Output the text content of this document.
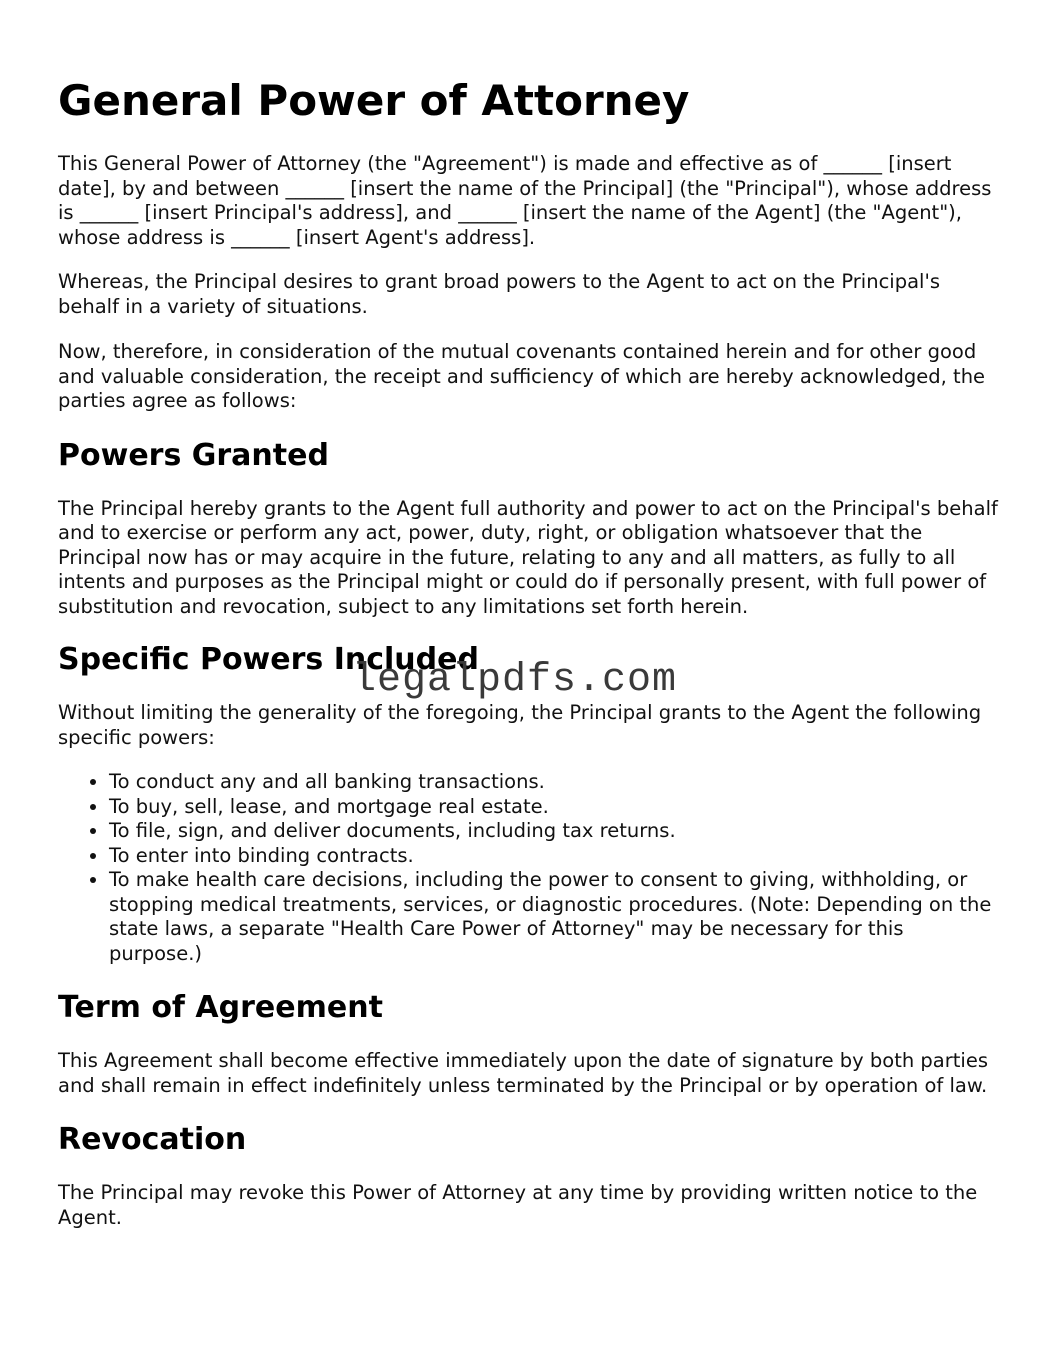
General Power of Attorney

This General Power of Attorney (the "Agreement") is made and effective as of ______ [insert date], by and between ______ [insert the name of the Principal] (the "Principal"), whose address is ______ [insert Principal's address], and ______ [insert the name of the Agent] (the "Agent"), whose address is ______ [insert Agent's address].

Whereas, the Principal desires to grant broad powers to the Agent to act on the Principal's behalf in a variety of situations.

Now, therefore, in consideration of the mutual covenants contained herein and for other good and valuable consideration, the receipt and sufficiency of which are hereby acknowledged, the parties agree as follows:

Powers Granted

The Principal hereby grants to the Agent full authority and power to act on the Principal's behalf and to exercise or perform any act, power, duty, right, or obligation whatsoever that the Principal now has or may acquire in the future, relating to any and all matters, as fully to all intents and purposes as the Principal might or could do if personally present, with full power of substitution and revocation, subject to any limitations set forth herein.

Specific Powers Included

Without limiting the generality of the foregoing, the Principal grants to the Agent the following specific powers:

• To conduct any and all banking transactions.
• To buy, sell, lease, and mortgage real estate.
• To file, sign, and deliver documents, including tax returns.
• To enter into binding contracts.
• To make health care decisions, including the power to consent to giving, withholding, or stopping medical treatments, services, or diagnostic procedures. (Note: Depending on the state laws, a separate "Health Care Power of Attorney" may be necessary for this purpose.)
Term of Agreement

This Agreement shall become effective immediately upon the date of signature by both parties and shall remain in effect indefinitely unless terminated by the Principal or by operation of law.

Revocation

The Principal may revoke this Power of Attorney at any time by providing written notice to the Agent.

legalpdfs.com
